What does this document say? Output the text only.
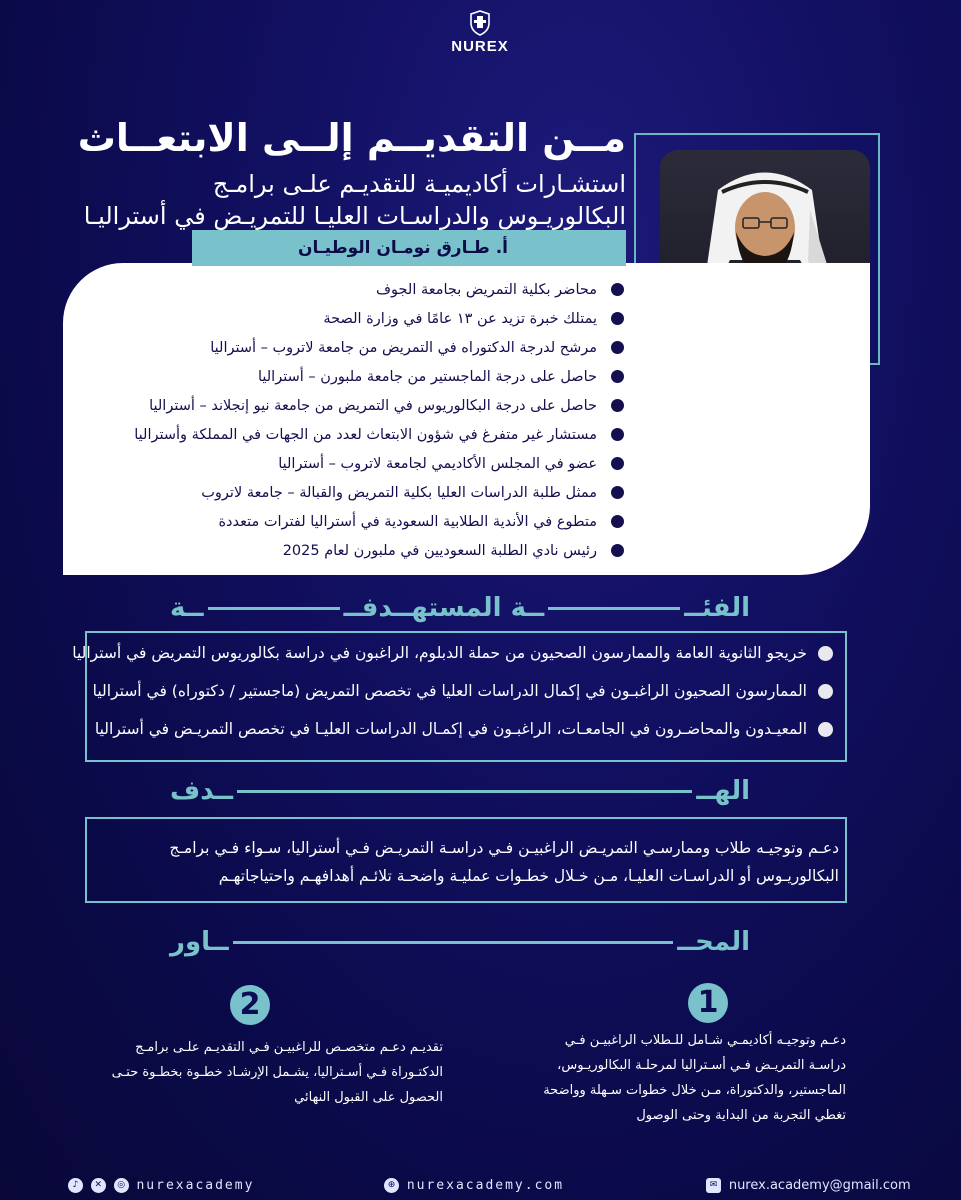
NUREX
مــن التقديــم إلــى الابتعــاث
استشـارات أكاديميـة للتقديـم علـى برامـج
البكالوريـوس والدراسـات العليـا للتمريـض في أستراليـا
أ. طـارق نومـان الوطيـان
محاضر بكلية التمريض بجامعة الجوف
يمتلك خبرة تزيد عن ١٣ عامًا في وزارة الصحة
مرشح لدرجة الدكتوراه في التمريض من جامعة لاتروب – أستراليا
حاصل على درجة الماجستير من جامعة ملبورن – أستراليا
حاصل على درجة البكالوريوس في التمريض من جامعة نيو إنجلاند – أستراليا
مستشار غير متفرغ في شؤون الابتعاث لعدد من الجهات في المملكة وأستراليا
عضو في المجلس الأكاديمي لجامعة لاتروب – أستراليا
ممثل طلبة الدراسات العليا بكلية التمريض والقبالة – جامعة لاتروب
متطوع في الأندية الطلابية السعودية في أستراليا لفترات متعددة
رئيس نادي الطلبة السعوديين في ملبورن لعام 2025
الفئــ
ــة المستهــدفــ
ــة
خريجو الثانوية العامة والممارسون الصحيون من حملة الدبلوم، الراغبون في دراسة بكالوريوس التمريض في أستراليا
الممارسون الصحيون الراغبـون في إكمال الدراسات العليا في تخصص التمريض (ماجستير / دكتوراه) في أستراليا
المعيـدون والمحاضـرون في الجامعـات، الراغبـون في إكمـال الدراسات العليـا في تخصص التمريـض في أستراليا
الهــ
ــدف
دعـم وتوجيـه طلاب وممارسـي التمريـض الراغبيـن فـي دراسـة التمريـض فـي أستراليا، سـواء فـي برامـج
البكالوريـوس أو الدراسـات العليـا، مـن خـلال خطـوات عمليـة واضحـة تلائـم أهدافهـم واحتياجاتهـم
المحــ
ــاور
1
دعـم وتوجيـه أكاديمـي شـامل للـطلاب الراغبيـن فـي
دراسـة التمريـض فـي أسـتراليا لمرحلـة البكالوريـوس،
الماجستير، والدكتوراة، مـن خلال خطوات سـهلة وواضحة
تغطي التجربة من البداية وحتى الوصول
2
تقديـم دعـم متخصـص للراغبيـن فـي التقديـم علـى برامـج
الدكتـوراة فـي أسـتراليا، يشـمل الإرشـاد خطـوة بخطـوة حتـى
الحصول على القبول النهائي
♪ ✕ ◎ nurexacademy	⊕ nurexacademy.com	✉ nurex.academy@gmail.com
